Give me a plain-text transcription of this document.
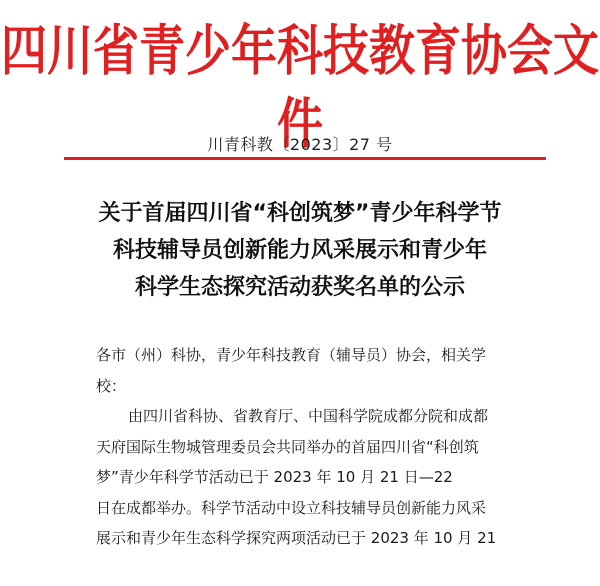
四川省青少年科技教育协会文件
川青科教〔2023〕27 号
关于首届四川省“科创筑梦”青少年科学节
科技辅导员创新能力风采展示和青少年
科学生态探究活动获奖名单的公示
各市（州）科协，青少年科技教育（辅导员）协会，相关学
校：
由四川省科协、省教育厅、中国科学院成都分院和成都
天府国际生物城管理委员会共同举办的首届四川省“科创筑
梦”青少年科学节活动已于 2023 年 10 月 21 日—22
日在成都举办。科学节活动中设立科技辅导员创新能力风采
展示和青少年生态科学探究两项活动已于 2023 年 10 月 21
